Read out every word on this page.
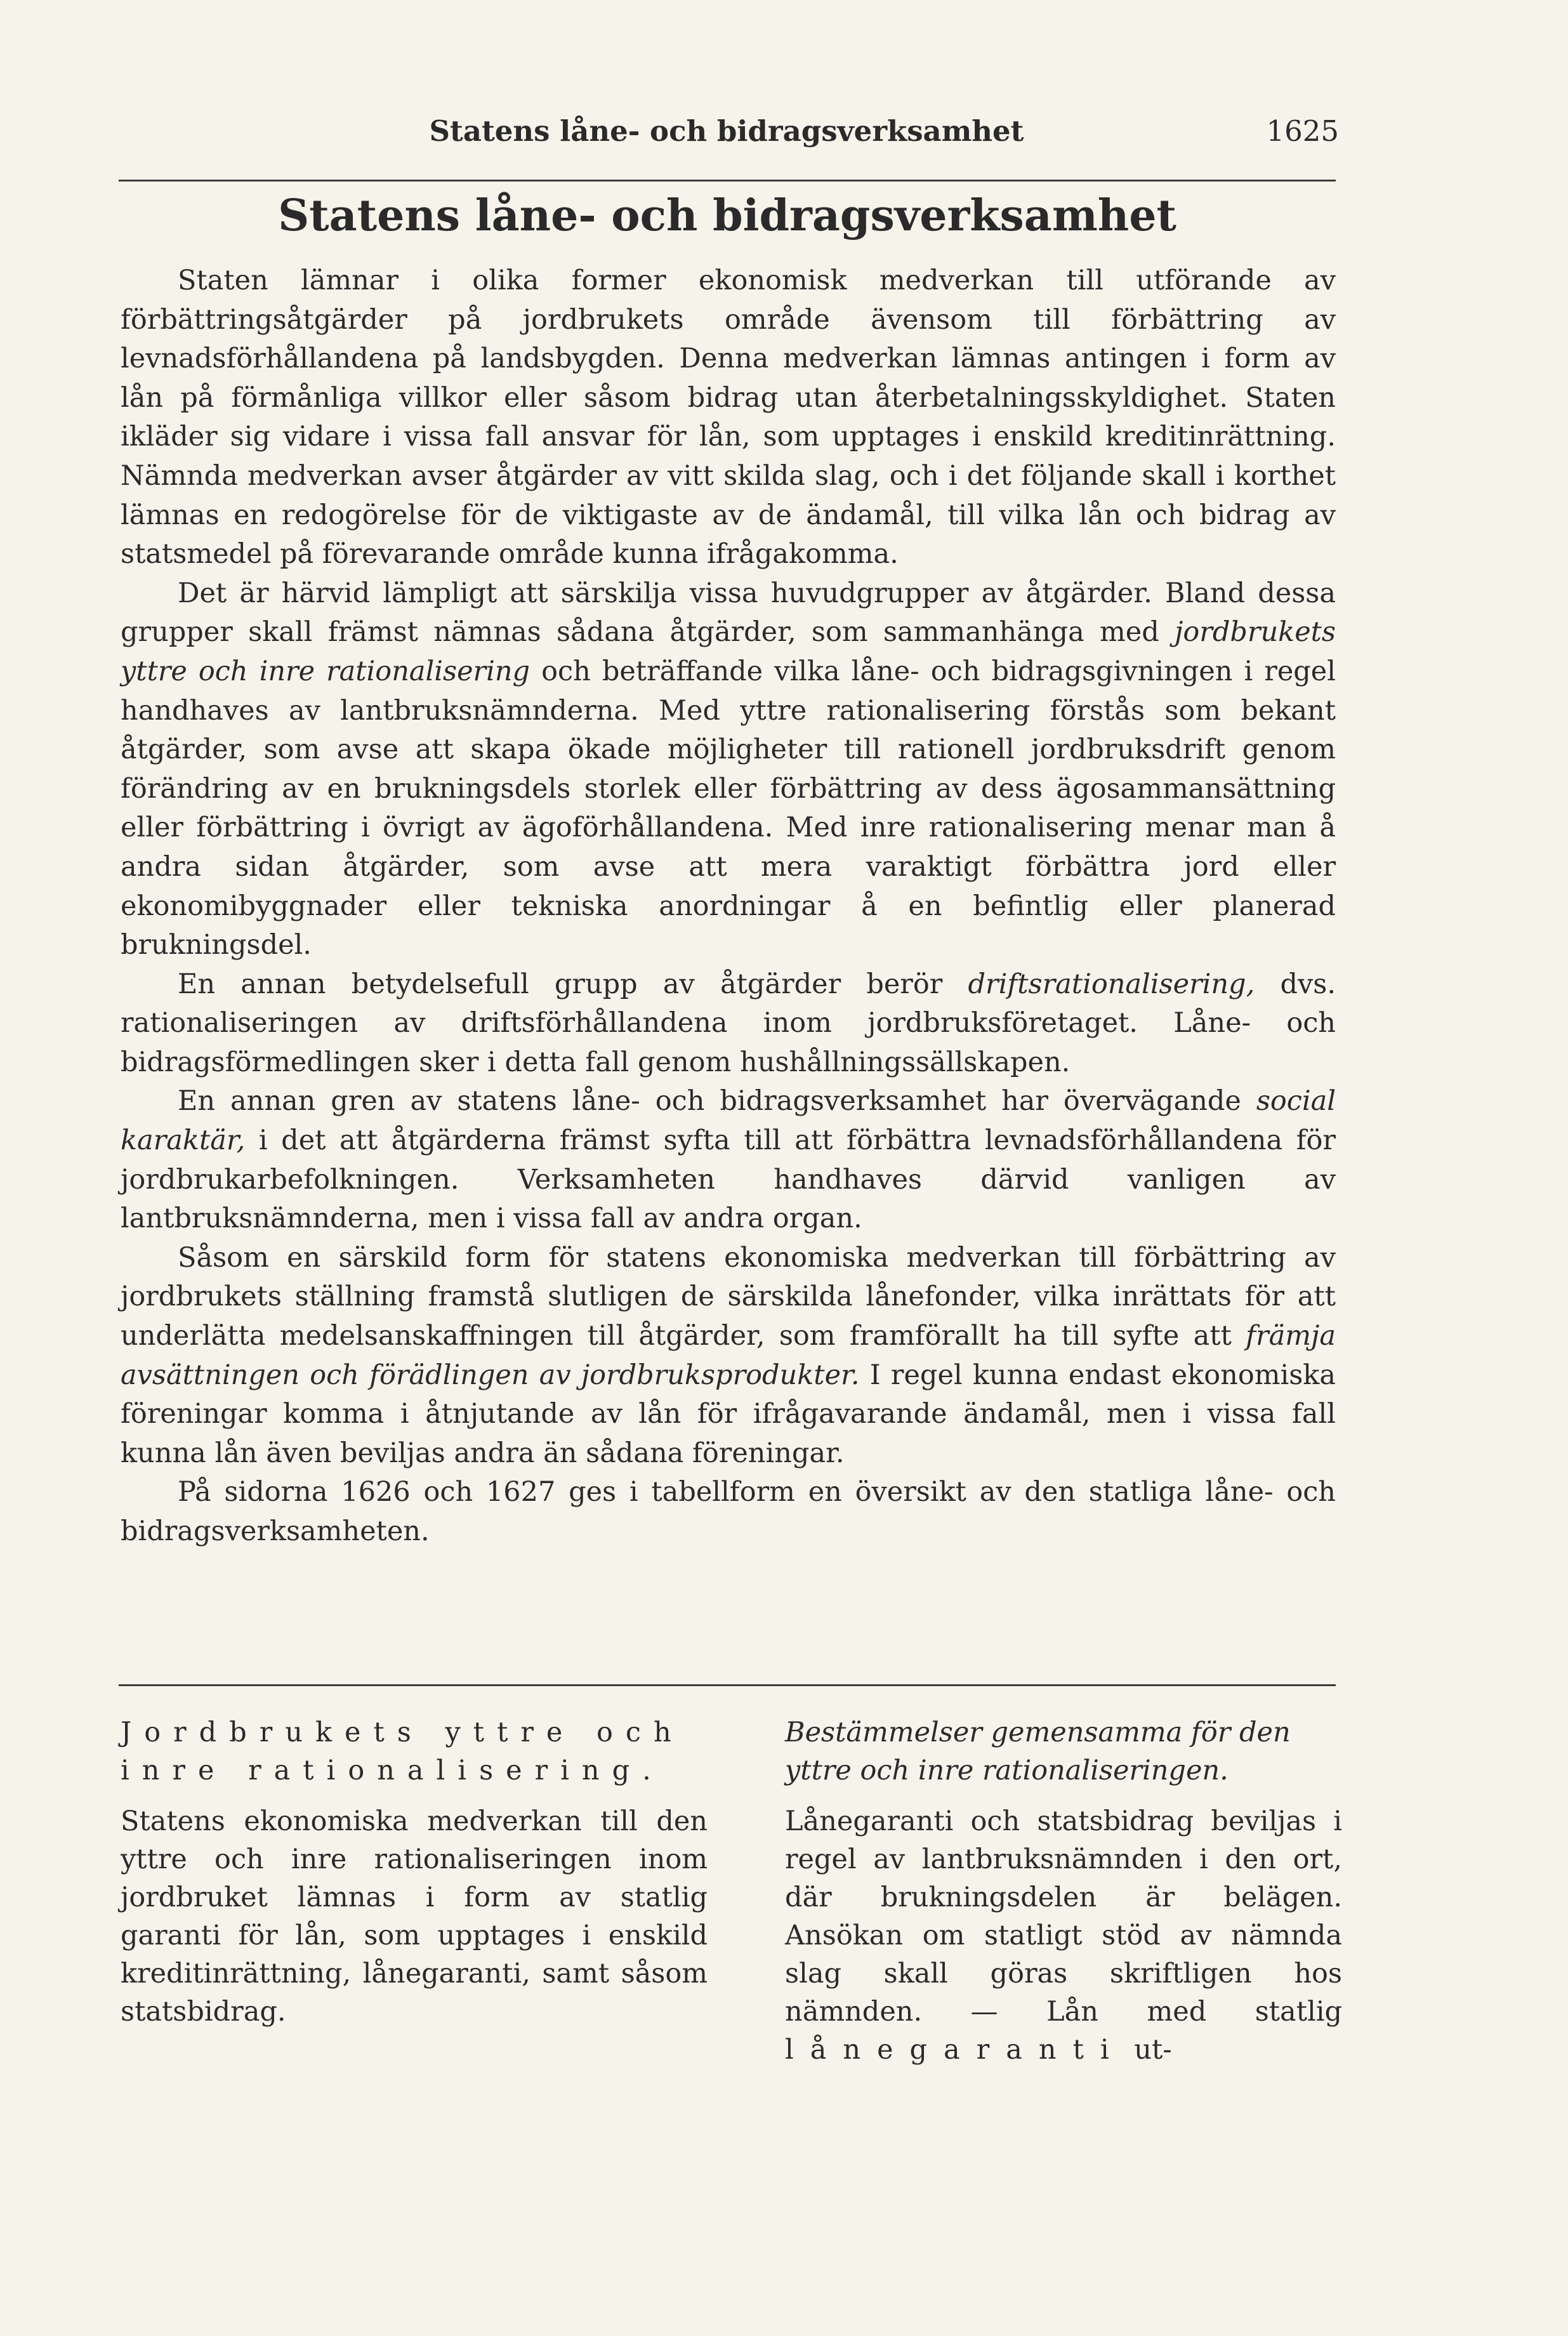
Statens låne- och bidragsverksamhet	1625
Statens låne- och bidragsverksamhet

Staten lämnar i olika former ekonomisk medverkan till utförande av förbättringsåtgärder på jordbrukets område ävensom till förbättring av levnadsförhållandena på landsbygden. Denna medverkan lämnas antingen i form av lån på förmånliga villkor eller såsom bidrag utan återbetalningsskyldighet. Staten ikläder sig vidare i vissa fall ansvar för lån, som upptages i enskild kreditinrättning. Nämnda medverkan avser åtgärder av vitt skilda slag, och i det följande skall i korthet lämnas en redogörelse för de viktigaste av de ändamål, till vilka lån och bidrag av statsmedel på förevarande område kunna ifrågakomma.

Det är härvid lämpligt att särskilja vissa huvudgrupper av åtgärder. Bland dessa grupper skall främst nämnas sådana åtgärder, som sammanhänga med jordbrukets yttre och inre rationalisering och beträffande vilka låne- och bidragsgivningen i regel handhaves av lantbruksnämnderna. Med yttre rationalisering förstås som bekant åtgärder, som avse att skapa ökade möjligheter till rationell jordbruksdrift genom förändring av en brukningsdels storlek eller förbättring av dess ägosammansättning eller förbättring i övrigt av ägoförhållandena. Med inre rationalisering menar man å andra sidan åtgärder, som avse att mera varaktigt förbättra jord eller ekonomibyggnader eller tekniska anordningar å en befintlig eller planerad brukningsdel.

En annan betydelsefull grupp av åtgärder berör driftsrationalisering, dvs. rationaliseringen av driftsförhållandena inom jordbruksföretaget. Låne- och bidragsförmedlingen sker i detta fall genom hushållningssällskapen.

En annan gren av statens låne- och bidragsverksamhet har övervägande social karaktär, i det att åtgärderna främst syfta till att förbättra levnadsförhållandena för jordbrukarbefolkningen. Verksamheten handhaves därvid vanligen av lantbruksnämnderna, men i vissa fall av andra organ.

Såsom en särskild form för statens ekonomiska medverkan till förbättring av jordbrukets ställning framstå slutligen de särskilda lånefonder, vilka inrättats för att underlätta medelsanskaffningen till åtgärder, som framförallt ha till syfte att främja avsättningen och förädlingen av jordbruksprodukter. I regel kunna endast ekonomiska föreningar komma i åtnjutande av lån för ifrågavarande ändamål, men i vissa fall kunna lån även beviljas andra än sådana föreningar.

På sidorna 1626 och 1627 ges i tabellform en översikt av den statliga låne- och bidragsverksamheten.

Jordbrukets yttre och inre rationalisering.

Statens ekonomiska medverkan till den yttre och inre rationaliseringen inom jordbruket lämnas i form av statlig garanti för lån, som upptages i enskild kreditinrättning, lånegaranti, samt såsom statsbidrag.

Bestämmelser gemensamma för den yttre och inre rationaliseringen.

Lånegaranti och statsbidrag beviljas i regel av lantbruksnämnden i den ort, där brukningsdelen är belägen. Ansökan om statligt stöd av nämnda slag skall göras skriftligen hos nämnden. — Lån med statlig lånegaranti ut-
